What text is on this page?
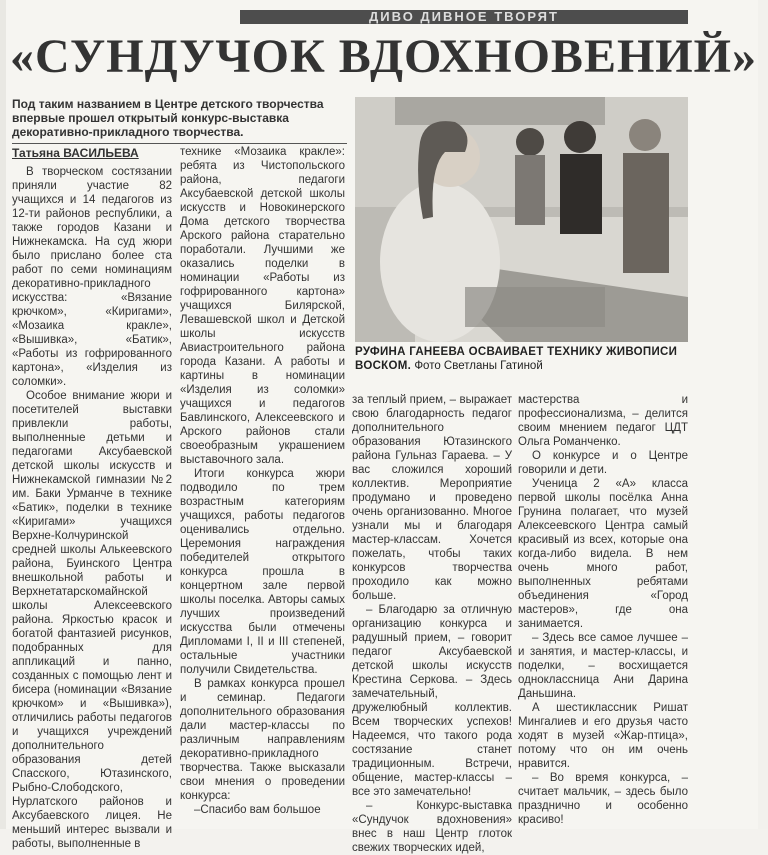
ДИВО ДИВНОЕ ТВОРЯТ
«СУНДУЧОК ВДОХНОВЕНИЙ»
Под таким названием в Центре детского творчества впервые прошел открытый конкурс-выставка декоративно-прикладного творчества.
Татьяна ВАСИЛЬЕВА

В творческом состязании приняли участие 82 учащихся и 14 педагогов из 12-ти районов республики, а также городов Казани и Нижнекамска. На суд жюри было прислано более ста работ по семи номинациям декоративно-прикладного искусства: «Вязание крючком», «Киригами», «Мозаика кракле», «Вышивка», «Батик», «Работы из гофрированного картона», «Изделия из соломки».

Особое внимание жюри и посетителей выставки привлекли работы, выполненные детьми и педагогами Аксубаевской детской школы искусств и Нижнекамской гимназии №2 им. Баки Урманче в технике «Батик», поделки в технике «Киригами» учащихся Верхне-Колчуринской средней школы Алькеевского района, Буинского Центра внешкольной работы и Верхнетатарскомайнской школы Алексеевского района. Яркостью красок и богатой фантазией рисунков, подобранных для аппликаций и панно, созданных с помощью лент и бисера (номинации «Вязание крючком» и «Вышивка»), отличились работы педагогов и учащихся учреждений дополнительного образования детей Спасского, Ютазинского, Рыбно-Слободского, Нурлатского районов и Аксубаевского лицея. Не меньший интерес вызвали и работы, выполненные в

технике «Мозаика кракле»: ребята из Чистопольского района, педагоги Аксубаевской детской школы искусств и Новокинерского Дома детского творчества Арского района старательно поработали. Лучшими же оказались поделки в номинации «Работы из гофрированного картона» учащихся Билярской, Левашевской школ и Детской школы искусств Авиастроительного района города Казани. А работы и картины в номинации «Изделия из соломки» учащихся и педагогов Бавлинского, Алексеевского и Арского районов стали своеобразным украшением выставочного зала.

Итоги конкурса жюри подводило по трем возрастным категориям учащихся, работы педагогов оценивались отдельно. Церемония награждения победителей открытого конкурса прошла в концертном зале первой школы поселка. Авторы самых лучших произведений искусства были отмечены Дипломами I, II и III степеней, остальные участники получили Свидетельства.

В рамках конкурса прошел и семинар. Педагоги дополнительного образования дали мастер-классы по различным направлениям декоративно-прикладного творчества. Также высказали свои мнения о проведении конкурса:

–Спасибо вам большое

РУФИНА ГАНЕЕВА ОСВАИВАЕТ ТЕХНИКУ ЖИВОПИСИ ВОСКОМ. Фото Светланы Гатиной

за теплый прием, – выражает свою благодарность педагог дополнительного образования Ютазинского района Гульназ Гараева. – У вас сложился хороший коллектив. Мероприятие продумано и проведено очень организованно. Многое узнали мы и благодаря мастер-классам. Хочется пожелать, чтобы таких конкурсов творчества проходило как можно больше.

– Благодарю за отличную организацию конкурса и радушный прием, – говорит педагог Аксубаевской детской школы искусств Крестина Серкова. – Здесь замечательный, дружелюбный коллектив. Всем творческих успехов! Надеемся, что такого рода состязание станет традиционным. Встречи, общение, мастер-классы – все это замечательно!

– Конкурс-выставка «Сундучок вдохновения» внес в наш Центр глоток свежих творческих идей,

мастерства и профессионализма, – делится своим мнением педагог ЦДТ Ольга Романченко.

О конкурсе и о Центре говорили и дети.

Ученица 2 «А» класса первой школы посёлка Анна Грунина полагает, что музей Алексеевского Центра самый красивый из всех, которые она когда-либо видела. В нем очень много работ, выполненных ребятами объединения «Город мастеров», где она занимается.

– Здесь все самое лучшее – и занятия, и мастер-классы, и поделки, – восхищается одноклассница Ани Дарина Даньшина.

А шестиклассник Ришат Мингалиев и его друзья часто ходят в музей «Жар-птица», потому что он им очень нравится.

– Во время конкурса, – считает мальчик, – здесь было празднично и особенно красиво!
